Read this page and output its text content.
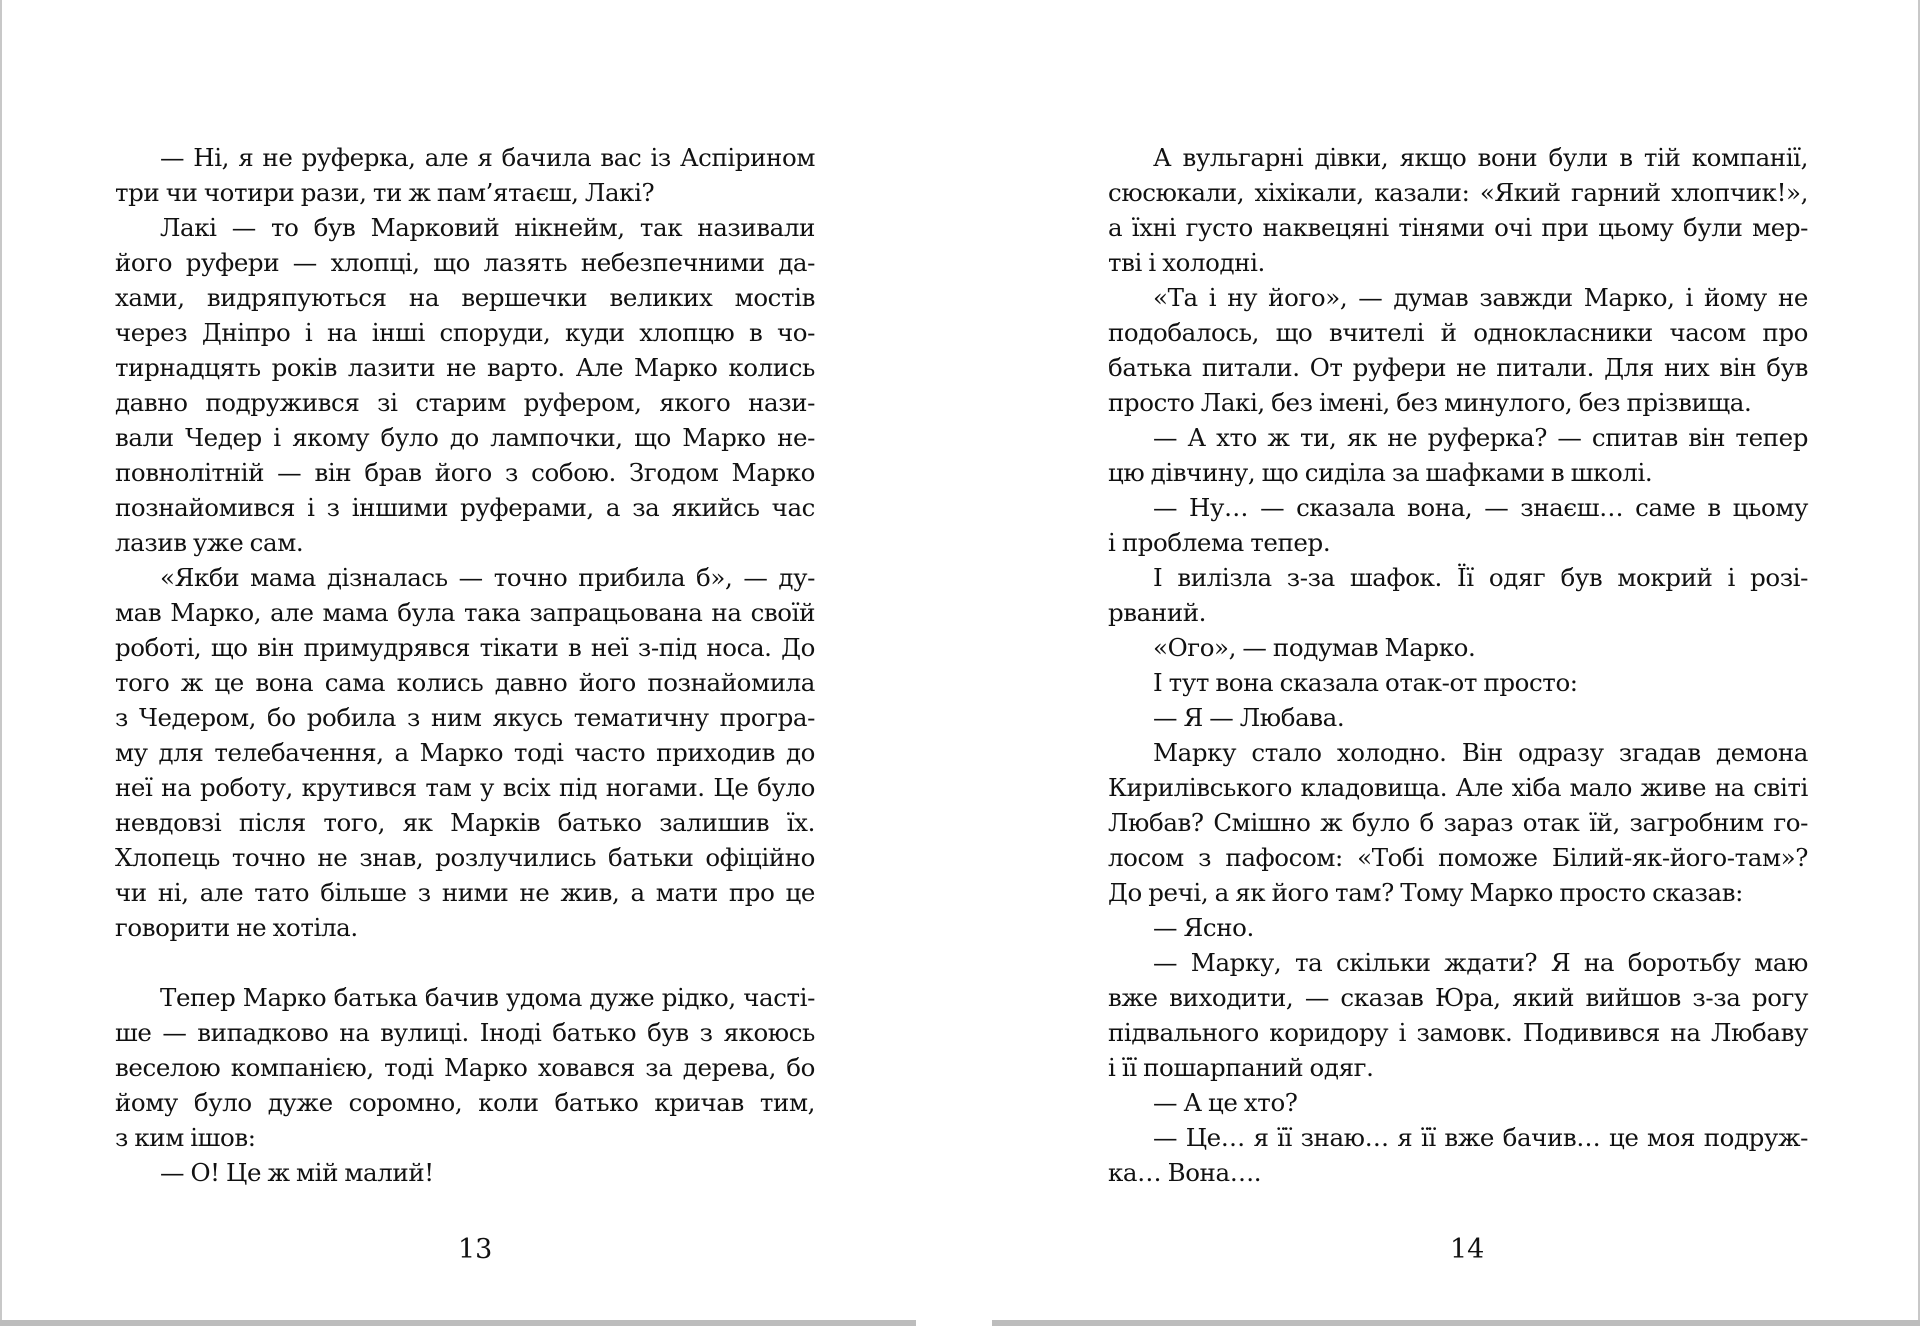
— Ні, я не руферка, але я бачила вас із Аспірином
три чи чотири рази, ти ж пам’ятаєш, Лакі?
Лакі — то був Марковий нікнейм, так називали
його руфери — хлопці, що лазять небезпечними да-
хами, видряпуються на вершечки великих мостів
через Дніпро і на інші споруди, куди хлопцю в чо-
тирнадцять років лазити не варто. Але Марко колись
давно подружився зі старим руфером, якого нази-
вали Чедер і якому було до лампочки, що Марко не-
повнолітній — він брав його з собою. Згодом Марко
познайомився і з іншими руферами, а за якийсь час
лазив уже сам.
«Якби мама дізналась — точно прибила б», — ду-
мав Марко, але мама була така запрацьована на своїй
роботі, що він примудрявся тікати в неї з-під носа. До
того ж це вона сама колись давно його познайомила
з Чедером, бо робила з ним якусь тематичну програ-
му для телебачення, а Марко тоді часто приходив до
неї на роботу, крутився там у всіх під ногами. Це було
невдовзі після того, як Марків батько залишив їх.
Хлопець точно не знав, розлучились батьки офіційно
чи ні, але тато більше з ними не жив, а мати про це
говорити не хотіла.
Тепер Марко батька бачив удома дуже рідко, часті-
ше — випадково на вулиці. Іноді батько був з якоюсь
веселою компанією, тоді Марко ховався за дерева, бо
йому було дуже соромно, коли батько кричав тим,
з ким ішов:
— О! Це ж мій малий!
А вульгарні дівки, якщо вони були в тій компанії,
сюсюкали, хіхікали, казали: «Який гарний хлопчик!»,
а їхні густо наквецяні тінями очі при цьому були мер-
тві і холодні.
«Та і ну його», — думав завжди Марко, і йому не
подобалось, що вчителі й однокласники часом про
батька питали. От руфери не питали. Для них він був
просто Лакі, без імені, без минулого, без прізвища.
— А хто ж ти, як не руферка? — спитав він тепер
цю дівчину, що сиділа за шафками в школі.
— Ну… — сказала вона, — знаєш… саме в цьому
і проблема тепер.
І вилізла з-за шафок. Її одяг був мокрий і розі-
рваний.
«Ого», — подумав Марко.
І тут вона сказала отак-от просто:
— Я — Любава.
Марку стало холодно. Він одразу згадав демона
Кирилівського кладовища. Але хіба мало живе на світі
Любав? Смішно ж було б зараз отак їй, загробним го-
лосом з пафосом: «Тобі поможе Білий-як-його-там»?
До речі, а як його там? Тому Марко просто сказав:
— Ясно.
— Марку, та скільки ждати? Я на боротьбу маю
вже виходити, — сказав Юра, який вийшов з-за рогу
підвального коридору і замовк. Подивився на Любаву
і її пошарпаний одяг.
— А це хто?
— Це… я її знаю… я її вже бачив… це моя подруж-
ка… Вона….
13	14
